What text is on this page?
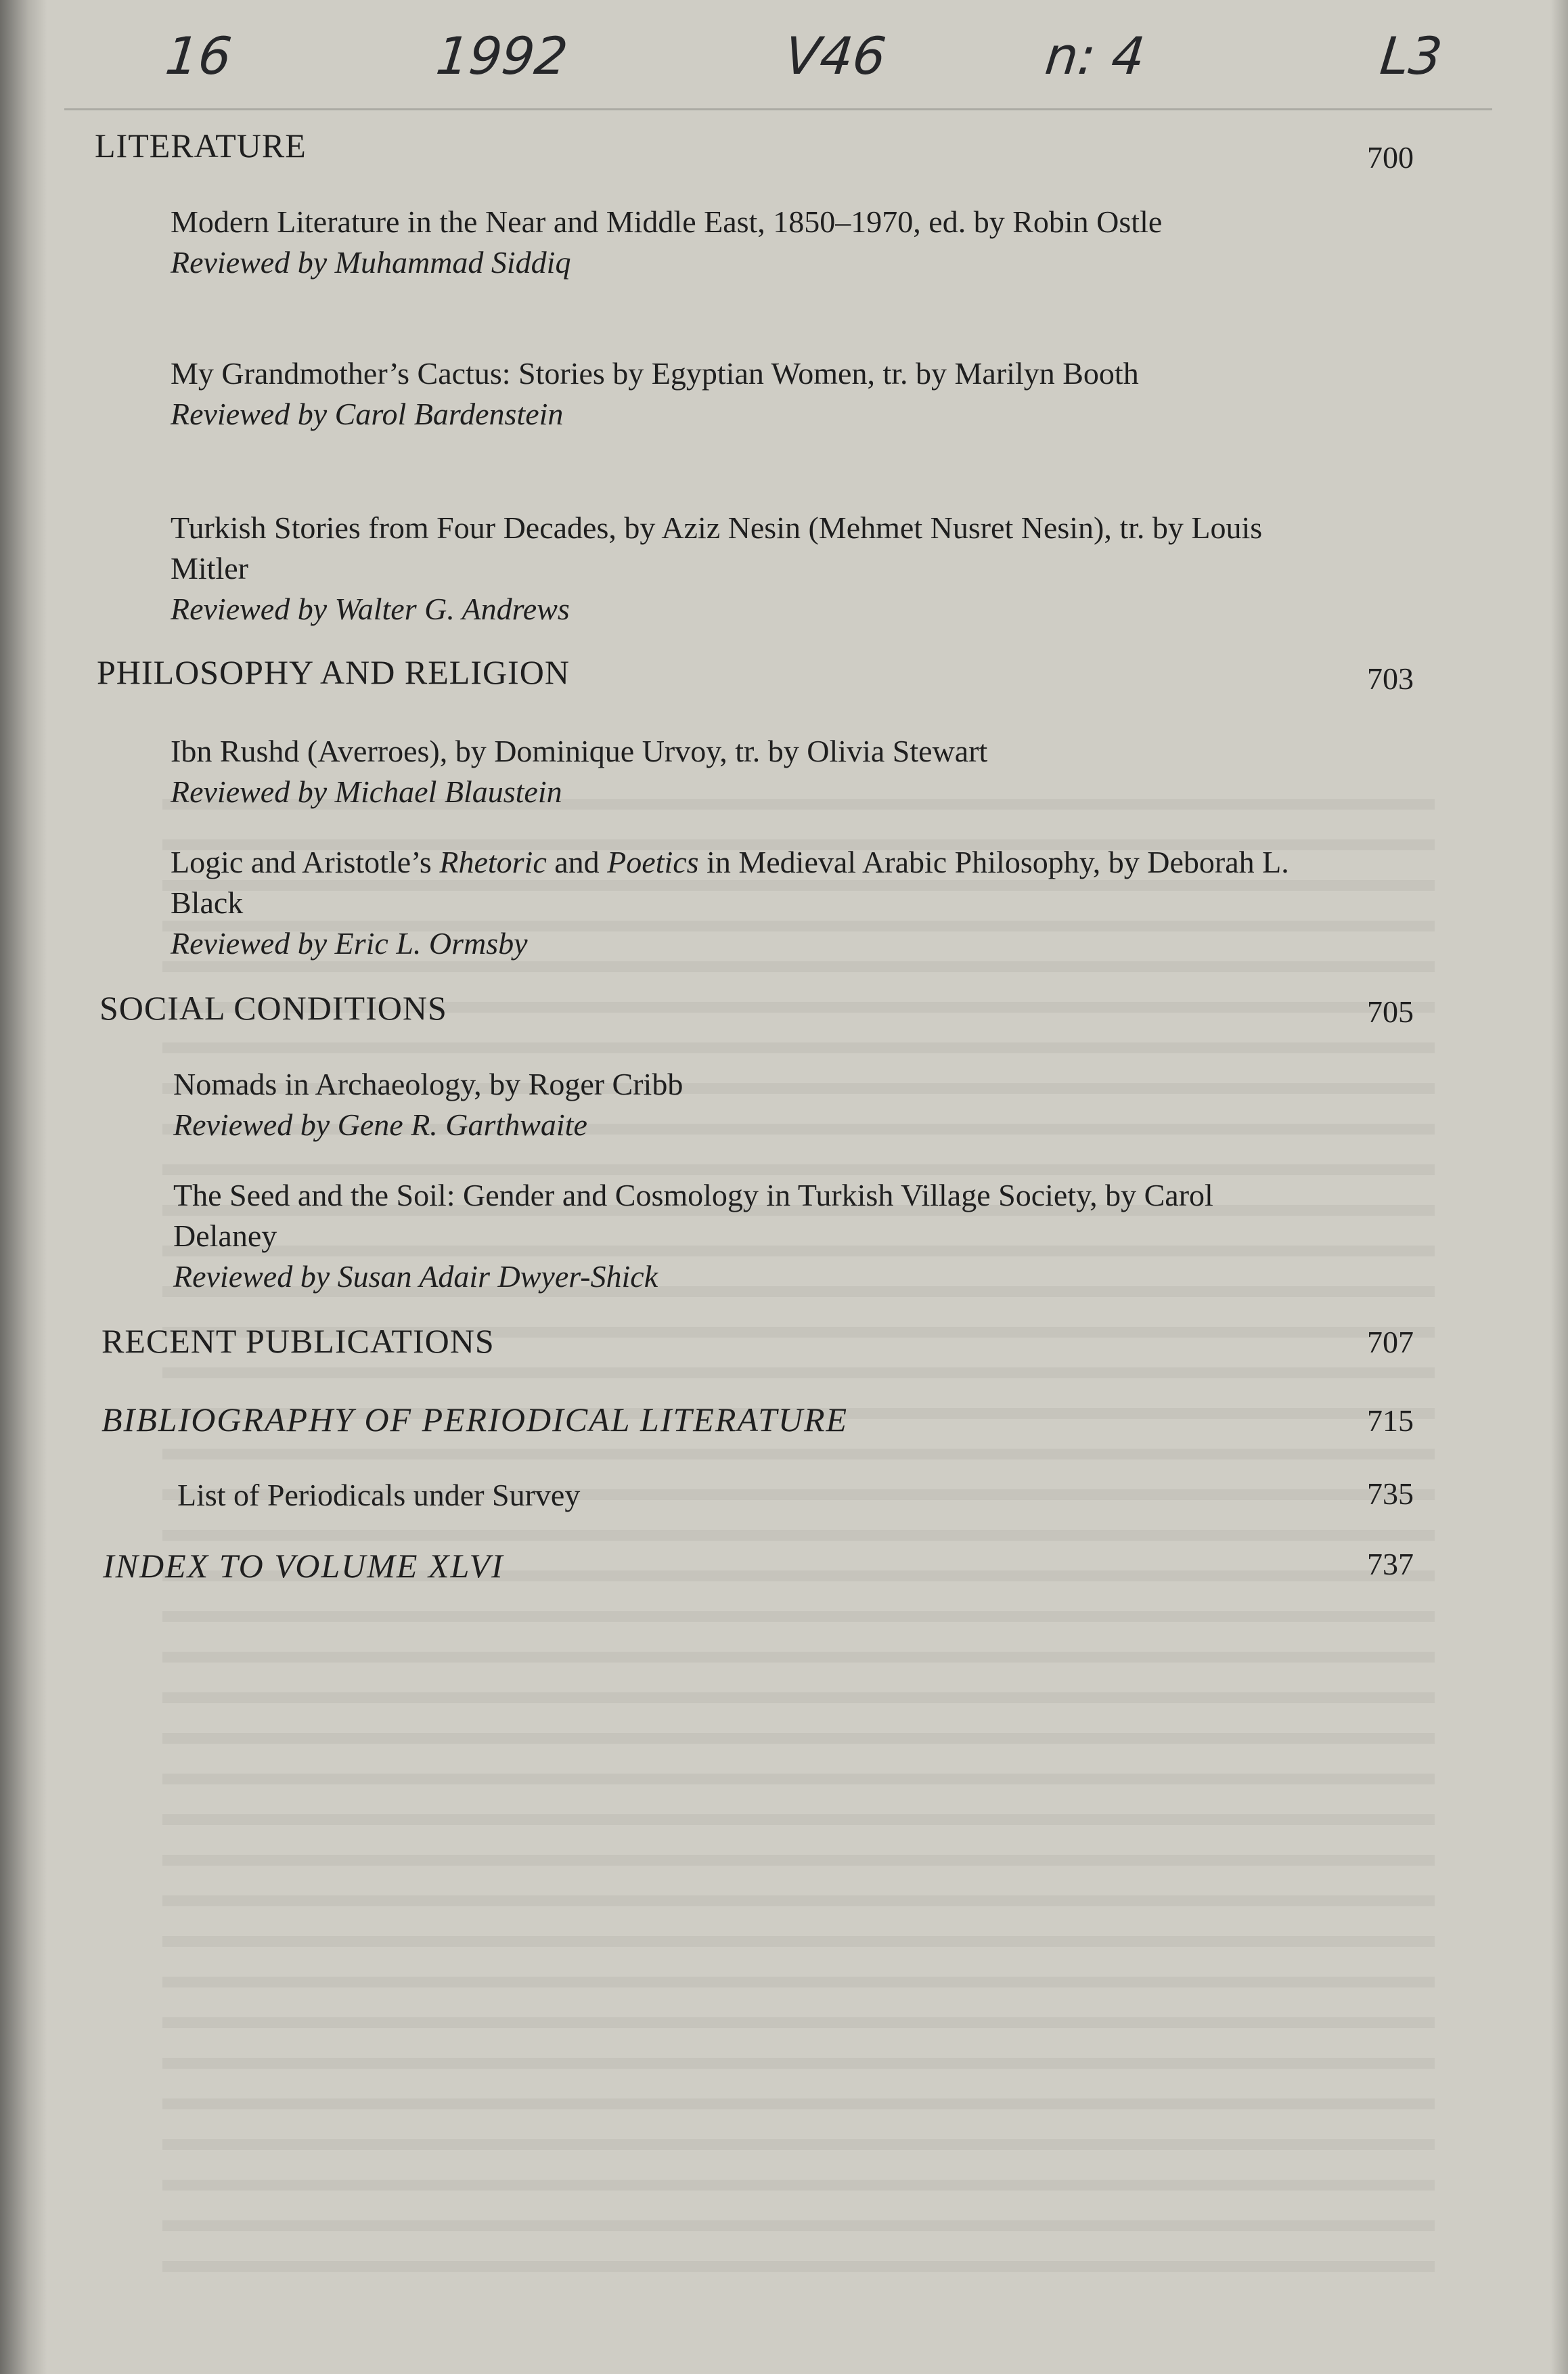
16	1992	V46	n: 4	L3
LITERATURE	700
Modern Literature in the Near and Middle East, 1850–1970, ed. by Robin Ostle
Reviewed by Muhammad Siddiq
My Grandmother’s Cactus: Stories by Egyptian Women, tr. by Marilyn Booth
Reviewed by Carol Bardenstein
Turkish Stories from Four Decades, by Aziz Nesin (Mehmet Nusret Nesin), tr. by Louis Mitler
Reviewed by Walter G. Andrews
PHILOSOPHY AND RELIGION	703
Ibn Rushd (Averroes), by Dominique Urvoy, tr. by Olivia Stewart
Reviewed by Michael Blaustein
Logic and Aristotle’s Rhetoric and Poetics in Medieval Arabic Philosophy, by Deborah L. Black
Reviewed by Eric L. Ormsby
SOCIAL CONDITIONS	705
Nomads in Archaeology, by Roger Cribb
Reviewed by Gene R. Garthwaite
The Seed and the Soil: Gender and Cosmology in Turkish Village Society, by Carol Delaney
Reviewed by Susan Adair Dwyer-Shick
RECENT PUBLICATIONS	707
BIBLIOGRAPHY OF PERIODICAL LITERATURE	715
List of Periodicals under Survey	735
INDEX TO VOLUME XLVI	737
